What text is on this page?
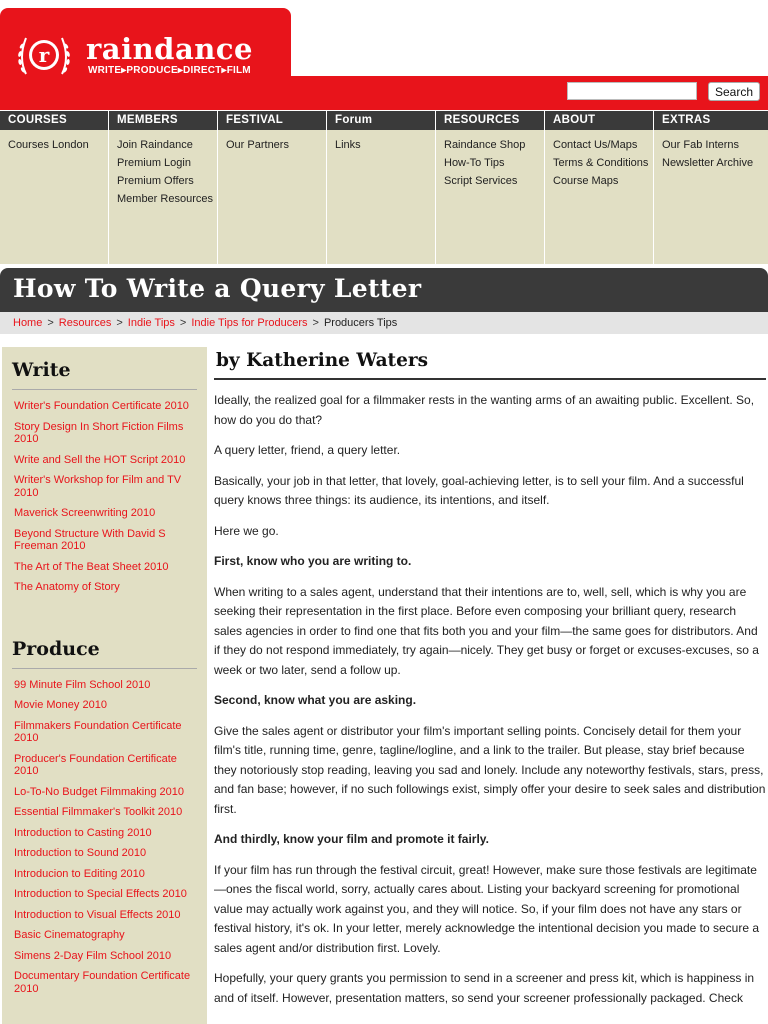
r raindance
WRITE▸PRODUCE▸DIRECT▸FILM
Search
COURSES
Courses London
MEMBERS
Join Raindance
Premium Login
Premium Offers
Member Resources
FESTIVAL
Our Partners
Forum
Links
RESOURCES
Raindance Shop
How-To Tips
Script Services
ABOUT
Contact Us/Maps
Terms & Conditions
Course Maps
EXTRAS
Our Fab Interns
Newsletter Archive
How To Write a Query Letter
Home > Resources > Indie Tips > Indie Tips for Producers > Producers Tips
Write
Writer's Foundation Certificate 2010
Story Design In Short Fiction Films 2010
Write and Sell the HOT Script 2010
Writer's Workshop for Film and TV 2010
Maverick Screenwriting 2010
Beyond Structure With David S Freeman 2010
The Art of The Beat Sheet 2010
The Anatomy of Story
Produce
99 Minute Film School 2010
Movie Money 2010
Filmmakers Foundation Certificate 2010
Producer's Foundation Certificate 2010
Lo-To-No Budget Filmmaking 2010
Essential Filmmaker's Toolkit 2010
Introduction to Casting 2010
Introduction to Sound 2010
Introducion to Editing 2010
Introduction to Special Effects 2010
Introduction to Visual Effects 2010
Basic Cinematography
Simens 2-Day Film School 2010
Documentary Foundation Certificate 2010
by Katherine Waters

Ideally, the realized goal for a filmmaker rests in the wanting arms of an awaiting public. Excellent. So, how do you do that?

A query letter, friend, a query letter.

Basically, your job in that letter, that lovely, goal-achieving letter, is to sell your film. And a successful query knows three things: its audience, its intentions, and itself.

Here we go.

First, know who you are writing to.

When writing to a sales agent, understand that their intentions are to, well, sell, which is why you are seeking their representation in the first place. Before even composing your brilliant query, research sales agencies in order to find one that fits both you and your film—the same goes for distributors. And if they do not respond immediately, try again—nicely. They get busy or forget or excuses-excuses, so a week or two later, send a follow up.

Second, know what you are asking.

Give the sales agent or distributor your film's important selling points. Concisely detail for them your film's title, running time, genre, tagline/logline, and a link to the trailer. But please, stay brief because they notoriously stop reading, leaving you sad and lonely. Include any noteworthy festivals, stars, press, and fan base; however, if no such followings exist, simply offer your desire to seek sales and distribution first.

And thirdly, know your film and promote it fairly.

If your film has run through the festival circuit, great! However, make sure those festivals are legitimate—ones the fiscal world, sorry, actually cares about. Listing your backyard screening for promotional value may actually work against you, and they will notice. So, if your film does not have any stars or festival history, it's ok. In your letter, merely acknowledge the intentional decision you made to secure a sales agent and/or distribution first. Lovely.

Hopefully, your query grants you permission to send in a screener and press kit, which is happiness in and of itself. However, presentation matters, so send your screener professionally packaged. Check
